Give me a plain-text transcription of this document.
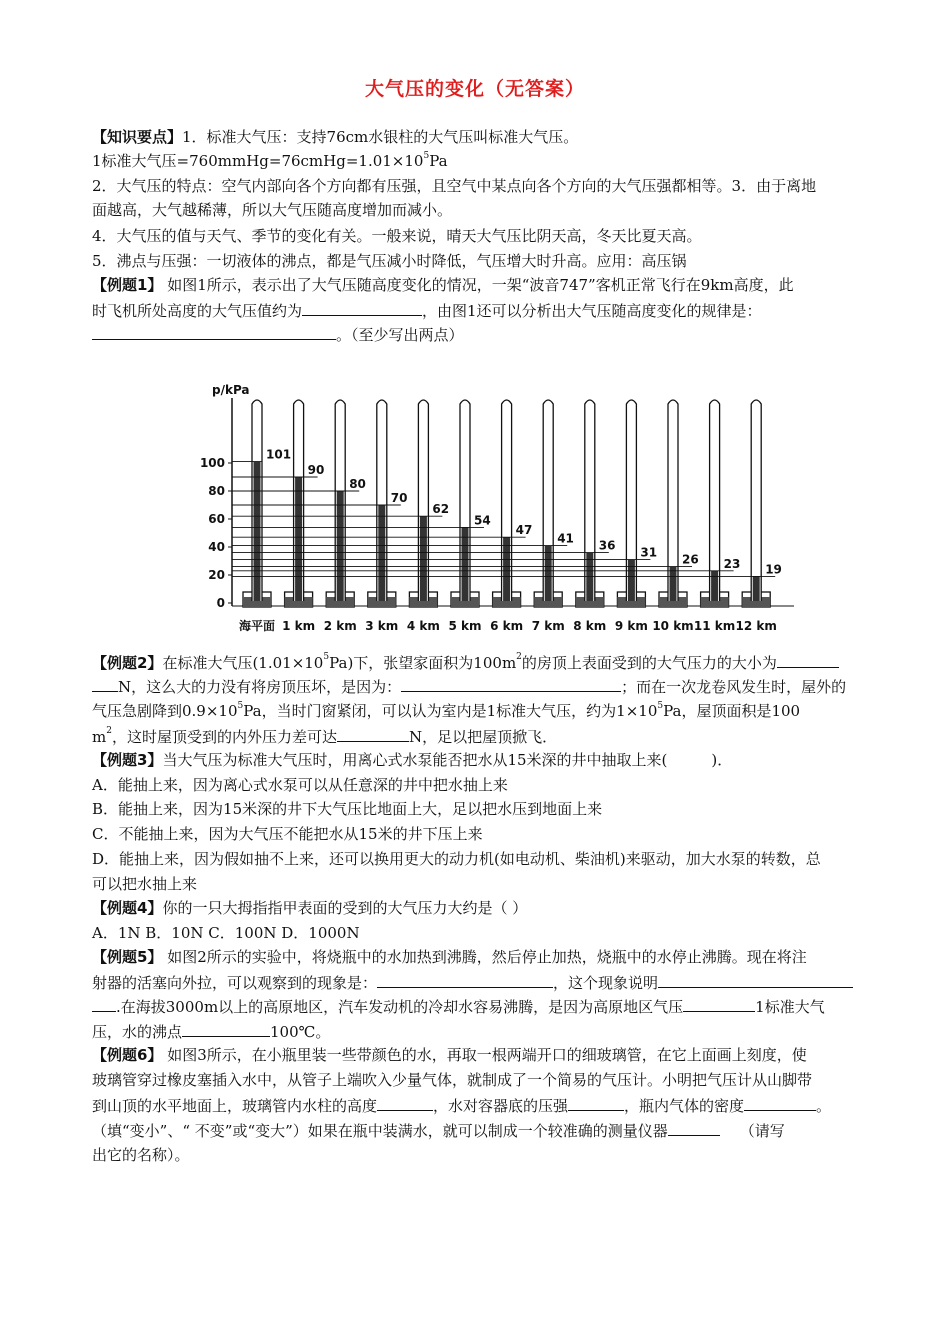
大气压的变化（无答案）
【知识要点】1．标准大气压：支持76cm水银柱的大气压叫标准大气压。
1标准大气压$=760mmHg=76cmHg=1.01\times 10^5Pa$
2．大气压的特点：空气内部向各个方向都有压强，且空气中某点向各个方向的大气压强都相等。3．由于离地
面越高，大气越稀薄，所以大气压随高度增加而减小。
4．大气压的值与天气、季节的变化有关。一般来说，晴天大气压比阴天高，冬天比夏天高。
5．沸点与压强：一切液体的沸点，都是气压减小时降低，气压增大时升高。应用：高压锅
【例题1】 如图1所示，表示出了大气压随高度变化的情况，一架“波音747”客机正常飞行在9km高度，此
时飞机所处高度的大气压值约为	，由图1还可以分析出大气压随高度变化的规律是：
。（至少写出两点）
p/kPa
100
80
60
40
20
0
101
海平面
90
1 km
80
2 km
70
3 km
62
4 km
54
5 km
47
6 km
41
7 km
36
8 km
31
9 km
26
10 km
23
11 km
19
12 km
【例题2】在标准大气压$(1.01\times 10^5Pa)$下，张望家面积为$100m^2$的房顶上表面受到的大气压力的大小为
N，这么大的力没有将房顶压坏，是因为：	；而在一次龙卷风发生时，屋外的
气压急剧降到$0.9\times 10^5Pa$，当时门窗紧闭，可以认为室内是1标准大气压，约为$1\times 10^5Pa$，屋顶面积是100
$m^2$，这时屋顶受到的内外压力差可达	N，足以把屋顶掀飞．
【例题3】当大气压为标准大气压时，用离心式水泵能否把水从15米深的井中抽取上来(	)．
A．能抽上来，因为离心式水泵可以从任意深的井中把水抽上来
B．能抽上来，因为15米深的井下大气压比地面上大，足以把水压到地面上来
C．不能抽上来，因为大气压不能把水从15米的井下压上来
D．能抽上来，因为假如抽不上来，还可以换用更大的动力机(如电动机、柴油机)来驱动，加大水泵的转数，总
可以把水抽上来
【例题4】你的一只大拇指指甲表面的受到的大气压力大约是（ ）
A．1N B．10N C．100N D．1000N
【例题5】 如图2所示的实验中，将烧瓶中的水加热到沸腾，然后停止加热，烧瓶中的水停止沸腾。现在将注
射器的活塞向外拉，可以观察到的现象是：	，这个现象说明
.在海拔3000m以上的高原地区，汽车发动机的冷却水容易沸腾，是因为高原地区气压	1标准大气
压，水的沸点	100℃。
【例题6】 如图3所示，在小瓶里装一些带颜色的水，再取一根两端开口的细玻璃管，在它上面画上刻度，使
玻璃管穿过橡皮塞插入水中，从管子上端吹入少量气体，就制成了一个简易的气压计。小明把气压计从山脚带
到山顶的水平地面上，玻璃管内水柱的高度	，水对容器底的压强	，瓶内气体的密度	。
（填“变小”、“ 不变”或“变大”）如果在瓶中装满水，就可以制成一个较准确的测量仪器	（请写
出它的名称）。
